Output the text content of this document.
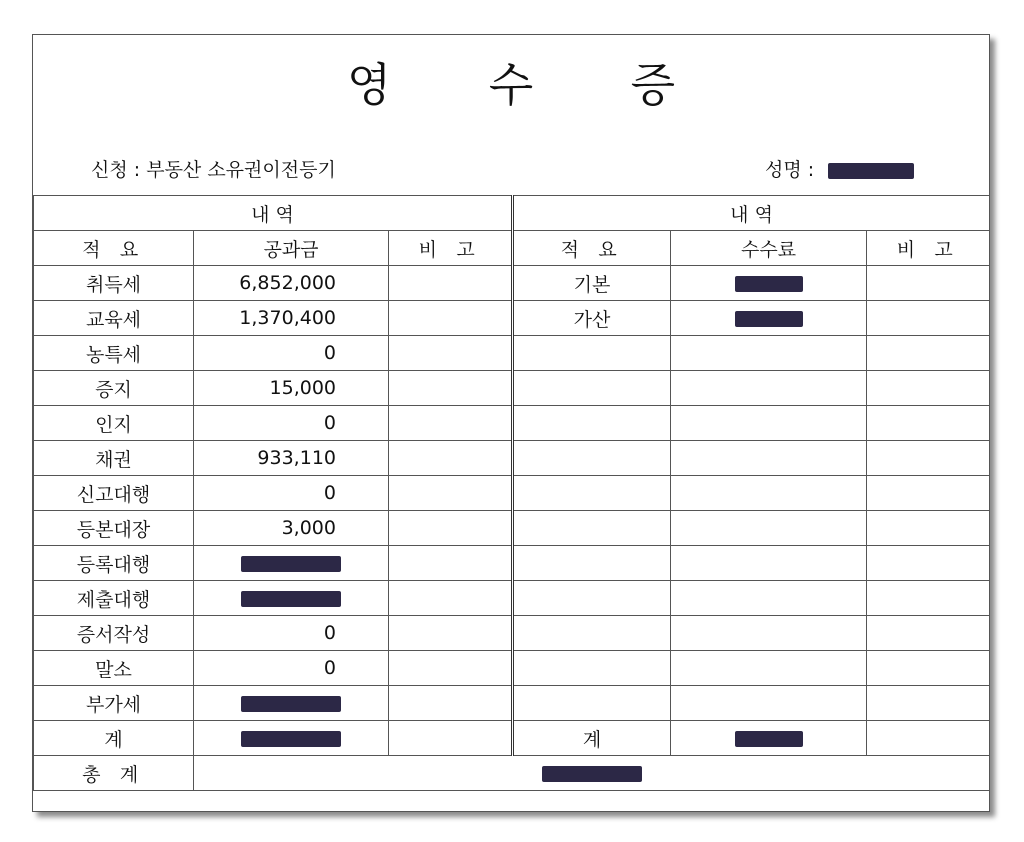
영 수 증
신청 : 부동산 소유권이전등기	성명 :
내 역			내 역		
적 요	공과금	비 고	적 요	수수료	비 고
취득세	6,852,000		기본		
교육세	1,370,400		가산		
농특세	0				
증지	15,000				
인지	0				
채권	933,110				
신고대행	0				
등본대장	3,000				
등록대행					
제출대행					
증서작성	0				
말소	0				
부가세					
계			계		
총 계					
